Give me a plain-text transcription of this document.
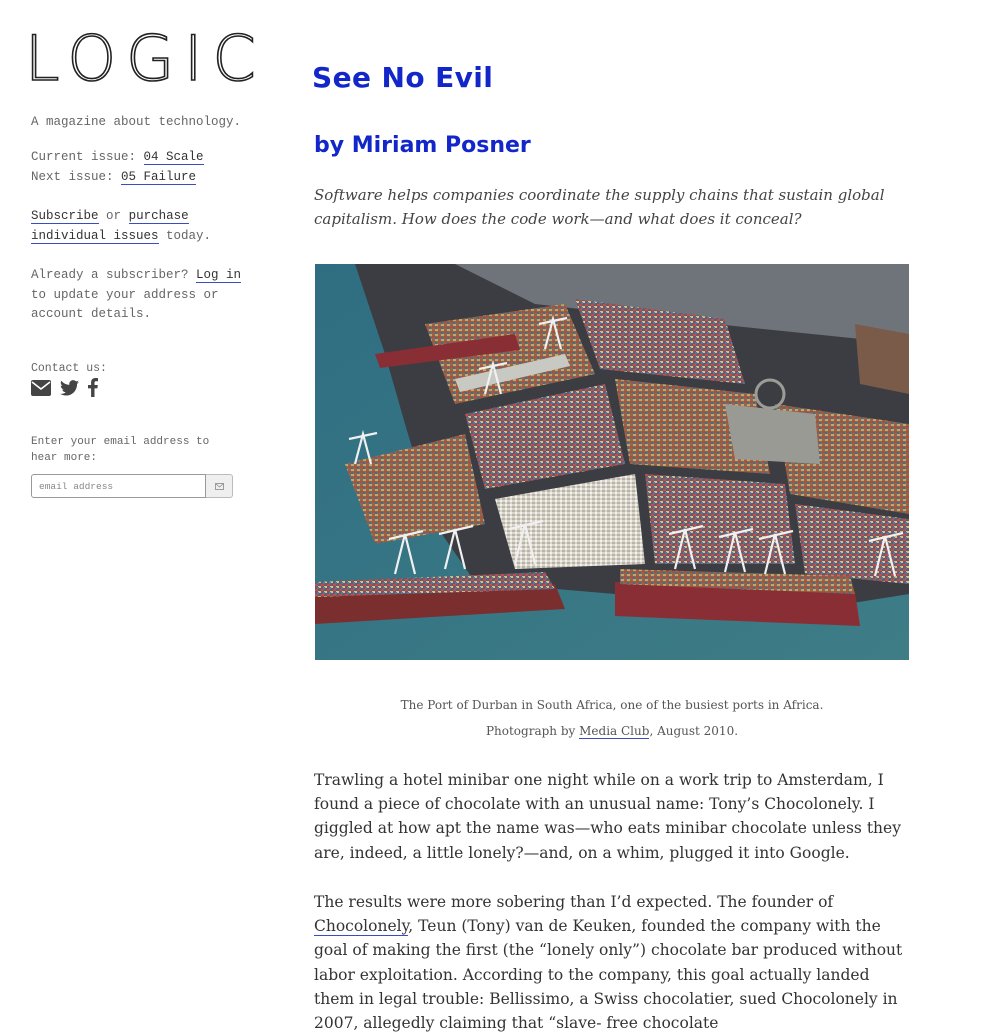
LOGIC
A magazine about technology.
Current issue: 04 Scale
Next issue: 05 Failure
Subscribe or purchase individual issues today.
Already a subscriber? Log in to update your address or account details.
Contact us:
Enter your email address to hear more:
email address
See No Evil
by Miriam Posner

Software helps companies coordinate the supply chains that sustain global capitalism. How does the code work—and what does it conceal?

The Port of Durban in South Africa, one of the busiest ports in Africa.

Photograph by Media Club, August 2010.

Trawling a hotel minibar one night while on a work trip to Amsterdam, I found a piece of chocolate with an unusual name: Tony’s Chocolonely. I giggled at how apt the name was—who eats minibar chocolate unless they are, indeed, a little lonely?—and, on a whim, plugged it into Google.

The results were more sobering than I’d expected. The founder of Chocolonely, Teun (Tony) van de Keuken, founded the company with the goal of making the first (the “lonely only”) chocolate bar produced without labor exploitation. According to the company, this goal actually landed them in legal trouble: Bellissimo, a Swiss chocolatier, sued Chocolonely in 2007, allegedly claiming that “slave- free chocolate
